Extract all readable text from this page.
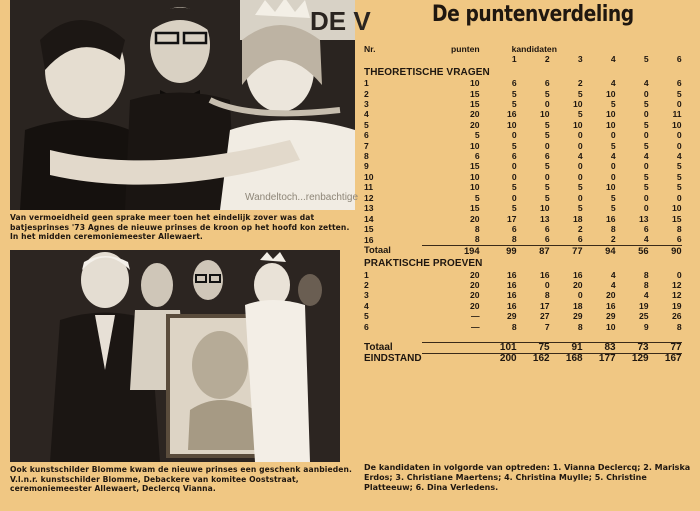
DE V
Wandeltoch...renbachtige
Van vermoeidheid geen sprake meer toen het eindelijk zover was dat batjesprinses '73 Agnes de nieuwe prinses de kroon op het hoofd kon zetten. In het midden ceremoniemeester Allewaert.
Ook kunstschilder Blomme kwam de nieuwe prinses een geschenk aanbieden. V.l.n.r. kunstschilder Blomme, Debackere van komitee Ooststraat, ceremoniemeester Allewaert, Declercq Vianna.
De puntenverdeling
Nr.	punten	kandidaten					
		1	2	3	4	5	6
THEORETISCHE VRAGEN							
1	10	6	6	2	4	4	6
2	15	5	5	5	10	0	5
3	15	5	0	10	5	5	0
4	20	16	10	5	10	0	11
5	20	10	5	10	10	5	10
6	5	0	5	0	0	0	0
7	10	5	0	0	5	5	0
8	6	6	6	4	4	4	4
9	15	0	5	0	0	0	5
10	10	0	0	0	0	5	5
11	10	5	5	5	10	5	5
12	5	0	5	0	5	0	0
13	15	5	10	5	5	0	10
14	20	17	13	18	16	13	15
15	8	6	6	2	8	6	8
16	8	8	6	6	2	4	6
Totaal	194	99	87	77	94	56	90
PRAKTISCHE PROEVEN							
1	20	16	16	16	4	8	0
2	20	16	0	20	4	8	12
3	20	16	8	0	20	4	12
4	20	16	17	18	16	19	19
5	—	29	27	29	29	25	26
6	—	8	7	8	10	9	8

Totaal		101	75	91	83	73	77
EINDSTAND		200	162	168	177	129	167
De kandidaten in volgorde van optreden: 1. Vianna Declercq; 2. Mariska Erdos; 3. Christiane Maertens; 4. Christina Muylle; 5. Christine Platteeuw; 6. Dina Verledens.
